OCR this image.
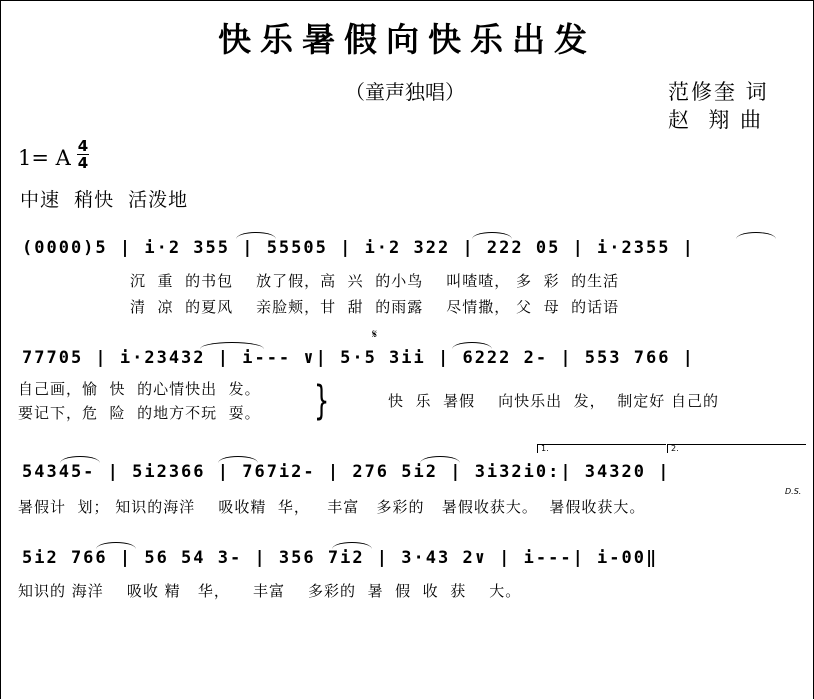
快乐暑假向快乐出发
（童声独唱）	范修奎 词
赵  翔 曲
1= A 4
4
中速  稍快  活泼地
(0000)5 | i·2 355 | 55505 | i·2 322 | 222 05 | i·2355 |
沉  重  的书包    放了假，高  兴  的小鸟    叫喳喳， 多  彩  的生活
清  凉  的夏风    亲脸颊，甘  甜  的雨露    尽情撒， 父  母  的话语
𝄋
77705 | i·23432 | i--- ∨| 5·5 3ii | 6222 2- | 553 766 |
自己画，愉  快  的心情快出  发。
要记下，危  险  的地方不玩  耍。 }	快  乐  暑假    向快乐出  发，  制定好 自己的
1.	2.
54345- | 5i2366 | 767i2- | 276 5i2 | 3i32i0:| 34320 |
D.S.
暑假计  划； 知识的海洋    吸收精  华，   丰富   多彩的   暑假收获大。  暑假收获大。
5i2 766 | 56 54 3- | 356 7i2 | 3·43 2∨ | i---| i-00‖
知识的 海洋    吸收 精   华，    丰富    多彩的  暑  假  收  获    大。
